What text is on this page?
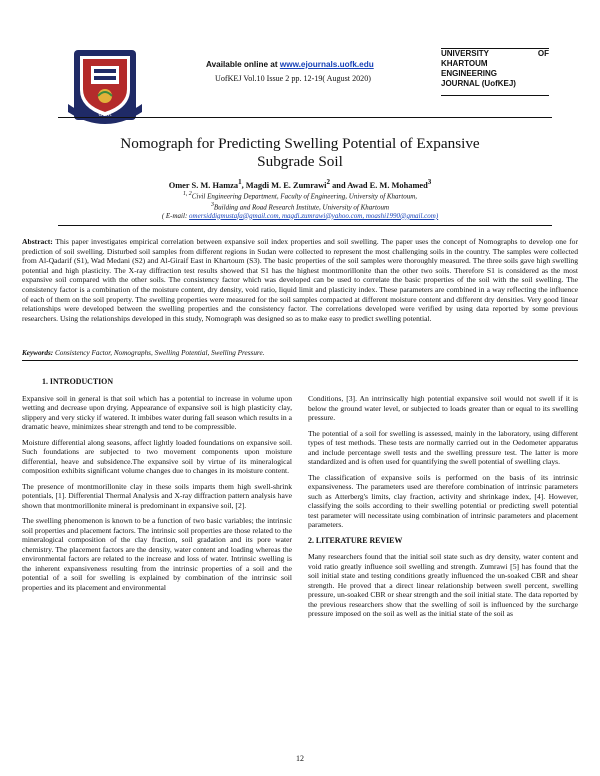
UofK
Available online at www.ejournals.uofk.edu
UofKEJ Vol.10 Issue 2 pp. 12-19( August 2020)
UNIVERSITY	OF
KHARTOUM
ENGINEERING
JOURNAL (UofKEJ)
Nomograph for Predicting Swelling Potential of Expansive
Subgrade Soil
Omer S. M. Hamza$^1$, Magdi M. E. Zumrawi$^2$ and Awad E. M. Mohamed$^3$
$^{1, 2}$Civil Engineering Department, Faculty of Engineering, University of Khartoum,
$^3$Building and Road Research Institute, University of Khartoum
( E-mail: omersiddigmustafa@gmail.com, magdi.zumrawi@yahoo.com, moashi1990@gmail.com)
Abstract: This paper investigates empirical correlation between expansive soil index properties and soil swelling. The paper uses the concept of Nomographs to develop one for prediction of soil swelling. Disturbed soil samples from different regions in Sudan were collected to represent the most challenging soils in the country. The samples were collected from Al-Qadarif (S1), Wad Medani (S2) and Al-Giraif East in Khartoum (S3). The basic properties of the soil samples were thoroughly measured. The three soils gave high swelling potential and high plasticity. The X-ray diffraction test results showed that S1 has the highest montmorillonite than the other two soils. Therefore S1 is considered as the most expansive soil compared with the other soils. The consistency factor which was developed can be used to correlate the basic properties of the soil with the soil swelling. The consistency factor is a combination of the moisture content, dry density, void ratio, liquid limit and plasticity index. These parameters are combined in a way reflecting the influence of each of them on the soil property. The swelling properties were measured for the soil samples compacted at different moisture content and different dry densities. Very good linear relationships were developed between the swelling properties and the consistency factor. The correlations developed were verified by using data reported by some previous researchers. Using the relationships developed in this study, Nomograph was designed so as to make easy to predict swelling potential.
Keywords: Consistency Factor, Nomographs, Swelling Potential, Swelling Pressure.
1. INTRODUCTION

Expansive soil in general is that soil which has a potential to increase in volume upon wetting and decrease upon drying. Appearance of expansive soil is high plasticity clay, slippery and very sticky if watered. It imbibes water during fall season which results in a dramatic heave, minimizes shear strength and tend to be compressible.

Moisture differential along seasons, affect lightly loaded foundations on expansive soil. Such foundations are subjected to two movement components upon moisture differential, heave and subsidence.The expansive soil by virtue of its mineralogical composition exhibits significant volume changes due to changes in its moisture content.

The presence of montmorillonite clay in these soils imparts them high swell-shrink potentials, [1]. Differential Thermal Analysis and X-ray diffraction pattern analysis have shown that montmorillonite mineral is predominant in expansive soil, [2].

The swelling phenomenon is known to be a function of two basic variables; the intrinsic soil properties and placement factors. The intrinsic soil properties are those related to the mineralogical composition of the clay fraction, soil gradation and its pore water chemistry. The placement factors are the density, water content and loading whereas the environmental factors are related to the increase and loss of water. Intrinsic swelling is the inherent expansiveness resulting from the intrinsic properties of a soil and the potential of a soil for swelling is explained by combination of the intrinsic soil properties and its placement and environmental

Conditions, [3]. An intrinsically high potential expansive soil would not swell if it is below the ground water level, or subjected to loads greater than or equal to its swelling pressure.

The potential of a soil for swelling is assessed, mainly in the laboratory, using different types of test methods. These tests are normally carried out in the Oedometer apparatus and include percentage swell tests and the swelling pressure test. The latter is more standardized and is often used for quantifying the swell potential of swelling clays.

The classification of expansive soils is performed on the basis of its intrinsic expansiveness. The parameters used are therefore combination of intrinsic parameters such as Atterberg's limits, clay fraction, activity and shrinkage index, [4]. However, classifying the soils according to their swelling potential or predicting swell potential test parameter will necessitate using combination of intrinsic parameters and placement parameters.

2. LITERATURE REVIEW

Many researchers found that the initial soil state such as dry density, water content and void ratio greatly influence soil swelling and strength. Zumrawi [5] has found that the soil initial state and testing conditions greatly influenced the un-soaked CBR and shear strength. He proved that a direct linear relationship between swell percent, swelling pressure, un-soaked CBR or shear strength and the soil initial state. The data reported by the previous researchers show that the swelling of soil is influenced by the surcharge pressure imposed on the soil as well as the initial state of the soil as

12
